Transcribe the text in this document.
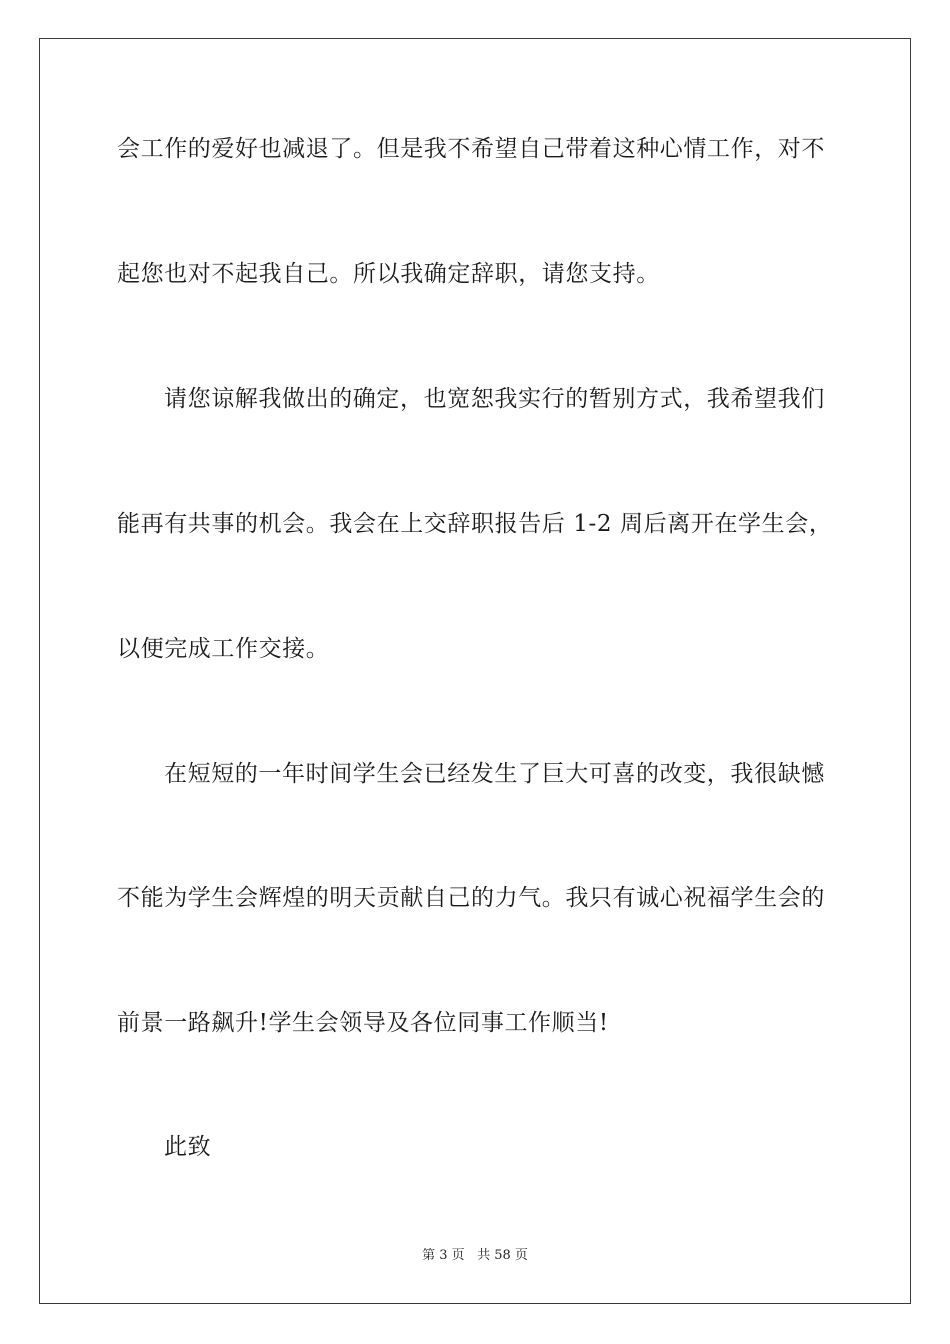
会工作的爱好也减退了。但是我不希望自己带着这种心情工作，对不
起您也对不起我自己。所以我确定辞职，请您支持。
请您谅解我做出的确定，也宽恕我实行的暂别方式，我希望我们
能再有共事的机会。我会在上交辞职报告后 1-2 周后离开在学生会，
以便完成工作交接。
在短短的一年时间学生会已经发生了巨大可喜的改变，我很缺憾
不能为学生会辉煌的明天贡献自己的力气。我只有诚心祝福学生会的
前景一路飙升!学生会领导及各位同事工作顺当!
此致
第 3 页 共 58 页
